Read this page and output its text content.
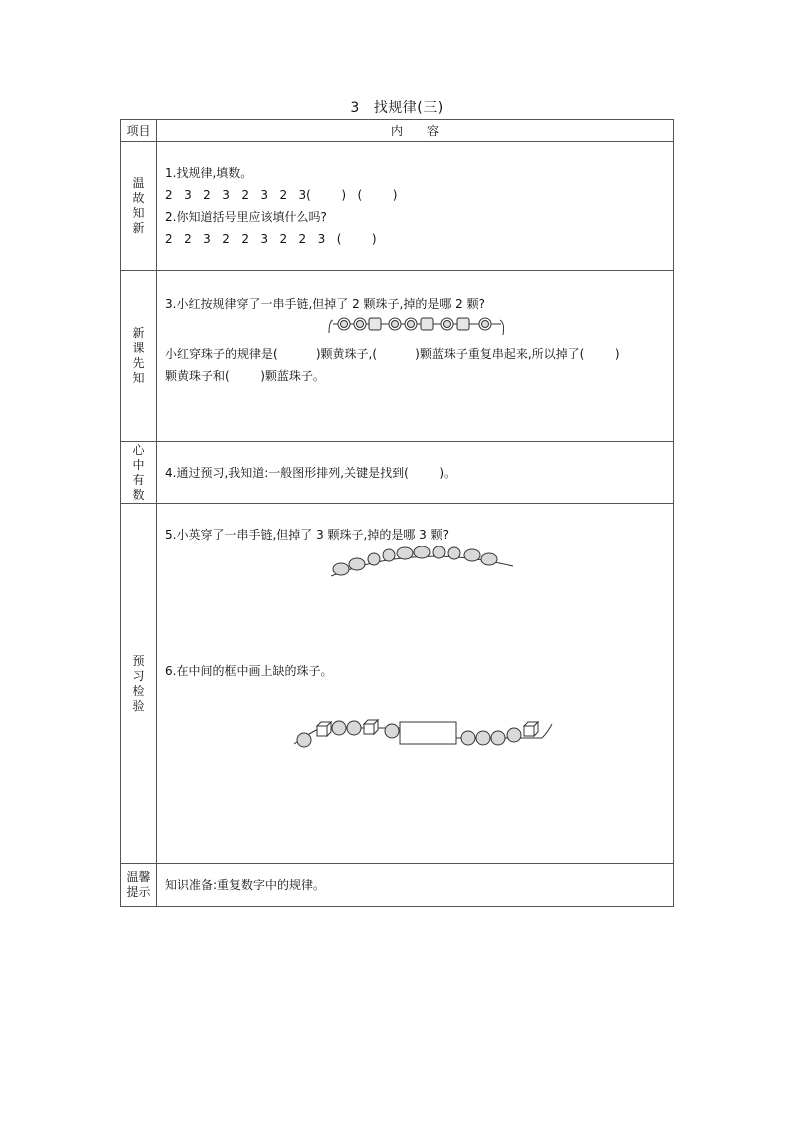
3 找规律(三)
项目	内容
温故知新	1.找规律,填数。
2   3   2   3   2   3   2   3(        )   (        )
2.你知道括号里应该填什么吗?
2   2   3   2   2   3   2   2   3   (        )

新课先知	3.小红按规律穿了一串手链,但掉了 2 颗珠子,掉的是哪 2 颗?
小红穿珠子的规律是(          )颗黄珠子,(          )颗蓝珠子重复串起来,所以掉了(        )
颗黄珠子和(        )颗蓝珠子。

心中有数	4.通过预习,我知道:一般图形排列,关键是找到(        )。

预习检验	5.小英穿了一串手链,但掉了 3 颗珠子,掉的是哪 3 颗?
6.在中间的框中画上缺的珠子。

温馨提示	知识准备:重复数字中的规律。
